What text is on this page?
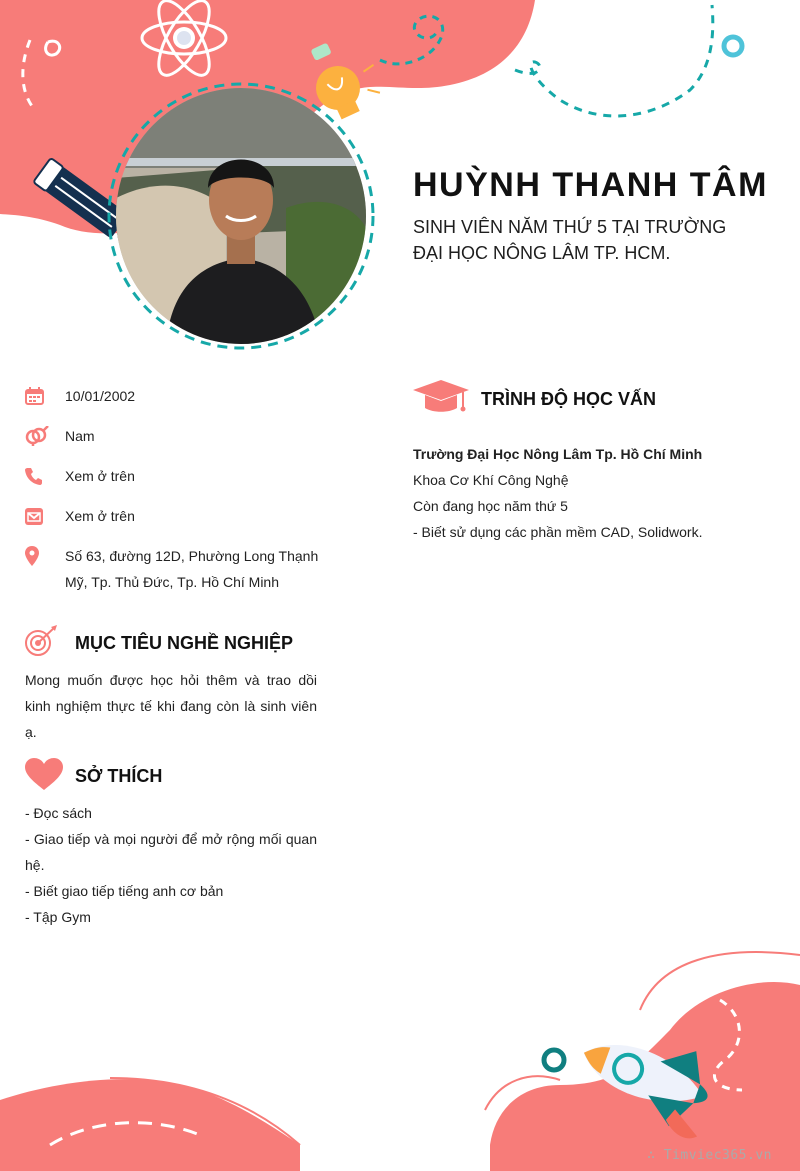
HUỲNH THANH TÂM

SINH VIÊN NĂM THỨ 5 TẠI TRƯỜNG ĐẠI HỌC NÔNG LÂM TP. HCM.

10/01/2002
Nam
Xem ở trên
Xem ở trên
Số 63, đường 12D, Phường Long Thạnh Mỹ, Tp. Thủ Đức, Tp. Hồ Chí Minh
MỤC TIÊU NGHỀ NGHIỆP

Mong muốn được học hỏi thêm và trao dồi kinh nghiệm thực tế khi đang còn là sinh viên ạ.

SỞ THÍCH
- Đọc sách
- Giao tiếp và mọi người để mở rộng mối quan hệ.
- Biết giao tiếp tiếng anh cơ bản
- Tập Gym
TRÌNH ĐỘ HỌC VẤN
Trường Đại Học Nông Lâm Tp. Hồ Chí Minh
Khoa Cơ Khí Công Nghệ
Còn đang học năm thứ 5
- Biết sử dụng các phần mềm CAD, Solidwork.
∴ Timviec365.vn
